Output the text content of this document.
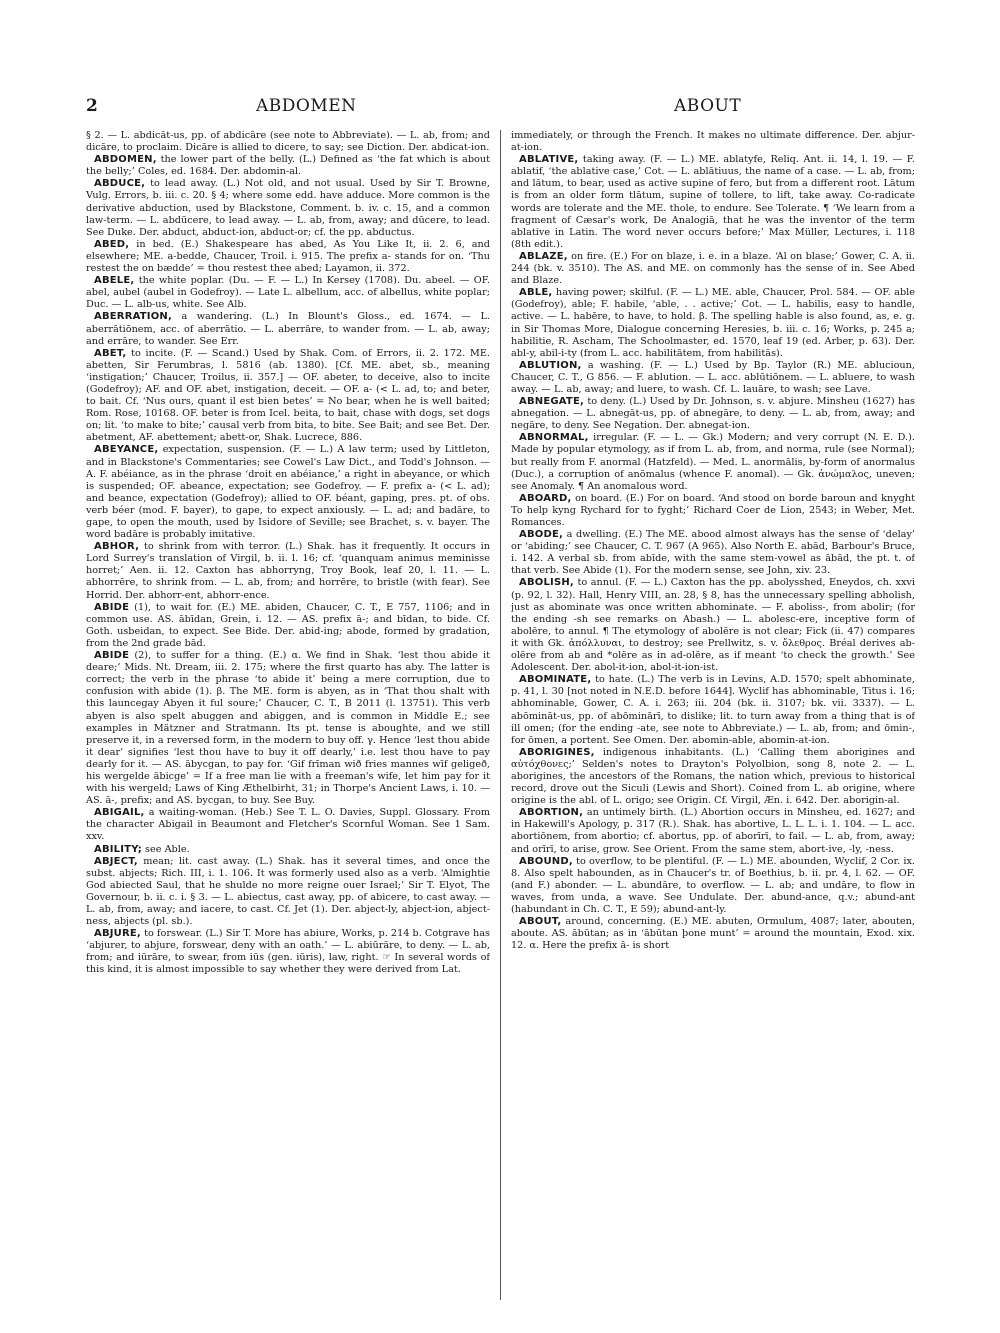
2	ABDOMEN	ABOUT

§ 2. — L. abdicāt-us, pp. of abdicāre (see note to Abbreviate). — L. ab, from; and dicāre, to proclaim. Dicāre is allied to dicere, to say; see Diction. Der. abdicat-ion.

ABDOMEN, the lower part of the belly. (L.) Defined as ‘the fat which is about the belly;’ Coles, ed. 1684. Der. abdomin-al.

ABDUCE, to lead away. (L.) Not old, and not usual. Used by Sir T. Browne, Vulg. Errors, b. iii. c. 20. § 4; where some edd. have adduce. More common is the derivative abduction, used by Blackstone, Comment. b. iv. c. 15, and a common law-term. — L. abdūcere, to lead away. — L. ab, from, away; and dūcere, to lead. See Duke. Der. abduct, abduct-ion, abduct-or; cf. the pp. abductus.

ABED, in bed. (E.) Shakespeare has abed, As You Like It, ii. 2. 6, and elsewhere; ME. a-bedde, Chaucer, Troil. i. 915. The prefix a- stands for on. ‘Thu restest the on bædde’ = thou restest thee abed; Layamon, ii. 372.

ABELE, the white poplar. (Du. — F. — L.) In Kersey (1708). Du. abeel. — OF. abel, aubel (aubel in Godefroy). — Late L. albellum, acc. of albellus, white poplar; Duc. — L. alb-us, white. See Alb.

ABERRATION, a wandering. (L.) In Blount's Gloss., ed. 1674. — L. aberrātiōnem, acc. of aberrātio. — L. aberrāre, to wander from. — L. ab, away; and errāre, to wander. See Err.

ABET, to incite. (F. — Scand.) Used by Shak. Com. of Errors, ii. 2. 172. ME. abetten, Sir Ferumbras, l. 5816 (ab. 1380). [Cf. ME. abet, sb., meaning ‘instigation;’ Chaucer, Troilus, ii. 357.] — OF. abeter, to deceive, also to incite (Godefroy); AF. and OF. abet, instigation, deceit. — OF. a- (< L. ad, to; and beter, to bait. Cf. ‘Nus ours, quant il est bien betes’ = No bear, when he is well baited; Rom. Rose, 10168. OF. beter is from Icel. beita, to bait, chase with dogs, set dogs on; lit. ‘to make to bite;’ causal verb from bita, to bite. See Bait; and see Bet. Der. abetment, AF. abettement; abett-or, Shak. Lucrece, 886.

ABEYANCE, expectation, suspension. (F. — L.) A law term; used by Littleton, and in Blackstone's Commentaries; see Cowel's Law Dict., and Todd's Johnson. — A. F. abéiance, as in the phrase ‘droit en abéiance,’ a right in abeyance, or which is suspended; OF. abeance, expectation; see Godefroy. — F. prefix a- (< L. ad); and beance, expectation (Godefroy); allied to OF. béant, gaping, pres. pt. of obs. verb béer (mod. F. bayer), to gape, to expect anxiously. — L. ad; and badāre, to gape, to open the mouth, used by Isidore of Seville; see Brachet, s. v. bayer. The word badāre is probably imitative.

ABHOR, to shrink from with terror. (L.) Shak. has it frequently. It occurs in Lord Surrey's translation of Virgil, b. ii. l. 16; cf. ‘quanquam animus meminisse horret;’ Aen. ii. 12. Caxton has abhorryng, Troy Book, leaf 20, l. 11. — L. abhorrēre, to shrink from. — L. ab, from; and horrēre, to bristle (with fear). See Horrid. Der. abhorr-ent, abhorr-ence.

ABIDE (1), to wait for. (E.) ME. abiden, Chaucer, C. T., E 757, 1106; and in common use. AS. ābīdan, Grein, i. 12. — AS. prefix ā-; and bīdan, to bide. Cf. Goth. usbeidan, to expect. See Bide. Der. abid-ing; abode, formed by gradation, from the 2nd grade bād.

ABIDE (2), to suffer for a thing. (E.) α. We find in Shak. ‘lest thou abide it deare;’ Mids. Nt. Dream, iii. 2. 175; where the first quarto has aby. The latter is correct; the verb in the phrase ‘to abide it’ being a mere corruption, due to confusion with abide (1). β. The ME. form is abyen, as in ‘That thou shalt with this launcegay Abyen it ful soure;’ Chaucer, C. T., B 2011 (l. 13751). This verb abyen is also spelt abuggen and abiggen, and is common in Middle E.; see examples in Mätzner and Stratmann. Its pt. tense is aboughte, and we still preserve it, in a reversed form, in the modern to buy off. γ. Hence ‘lest thou abide it dear’ signifies ‘lest thou have to buy it off dearly,’ i.e. lest thou have to pay dearly for it. — AS. ābycgan, to pay for. ‘Gif frīman wið fries mannes wīf geligeð, his wergelde ābicge’ = If a free man lie with a freeman's wife, let him pay for it with his wergeld; Laws of King Æthelbirht, 31; in Thorpe's Ancient Laws, i. 10. — AS. ā-, prefix; and AS. bycgan, to buy. See Buy.

ABIGAIL, a waiting-woman. (Heb.) See T. L. O. Davies, Suppl. Glossary. From the character Abigail in Beaumont and Fletcher's Scornful Woman. See 1 Sam. xxv.

ABILITY; see Able.

ABJECT, mean; lit. cast away. (L.) Shak. has it several times, and once the subst. abjects; Rich. III, i. 1. 106. It was formerly used also as a verb. ‘Almightie God abiected Saul, that he shulde no more reigne ouer Israel;’ Sir T. Elyot, The Governour, b. ii. c. i. § 3. — L. abiectus, cast away, pp. of abicere, to cast away. — L. ab, from, away; and iacere, to cast. Cf. Jet (1). Der. abject-ly, abject-ion, abject-ness, abjects (pl. sb.).

ABJURE, to forswear. (L.) Sir T. More has abiure, Works, p. 214 b. Cotgrave has ‘abjurer, to abjure, forswear, deny with an oath.’ — L. abiūrāre, to deny. — L. ab, from; and iūrāre, to swear, from iūs (gen. iūris), law, right. ☞ In several words of this kind, it is almost impossible to say whether they were derived from Lat.

immediately, or through the French. It makes no ultimate difference. Der. abjur-at-ion.

ABLATIVE, taking away. (F. — L.) ME. ablatyfe, Reliq. Ant. ii. 14, l. 19. — F. ablatif, ‘the ablative case,’ Cot. — L. ablātiuus, the name of a case. — L. ab, from; and lātum, to bear, used as active supine of fero, but from a different root. Lātum is from an older form tlātum, supine of tollere, to lift, take away. Co-radicate words are tolerate and the ME. thole, to endure. See Tolerate. ¶ ‘We learn from a fragment of Cæsar's work, De Analogiā, that he was the inventor of the term ablative in Latin. The word never occurs before;’ Max Müller, Lectures, i. 118 (8th edit.).

ABLAZE, on fire. (E.) For on blaze, i. e. in a blaze. ‘Al on blase;’ Gower, C. A. ii. 244 (bk. v. 3510). The AS. and ME. on commonly has the sense of in. See Abed and Blaze.

ABLE, having power; skilful. (F. — L.) ME. able, Chaucer, Prol. 584. — OF. able (Godefroy), able; F. habile, ‘able, . . active;’ Cot. — L. habilis, easy to handle, active. — L. habēre, to have, to hold. β. The spelling hable is also found, as, e. g. in Sir Thomas More, Dialogue concerning Heresies, b. iii. c. 16; Works, p. 245 a; habilitie, R. Ascham, The Schoolmaster, ed. 1570, leaf 19 (ed. Arber, p. 63). Der. abl-y, abil-i-ty (from L. acc. habilitātem, from habilitās).

ABLUTION, a washing. (F. — L.) Used by Bp. Taylor (R.) ME. ablucioun, Chaucer, C. T., G 856. — F. ablution. — L. acc. ablūtiōnem. — L. abluere, to wash away. — L. ab, away; and luere, to wash. Cf. L. lauāre, to wash; see Lave.

ABNEGATE, to deny. (L.) Used by Dr. Johnson, s. v. abjure. Minsheu (1627) has abnegation. — L. abnegāt-us, pp. of abnegāre, to deny. — L. ab, from, away; and negāre, to deny. See Negation. Der. abnegat-ion.

ABNORMAL, irregular. (F. — L. — Gk.) Modern; and very corrupt (N. E. D.). Made by popular etymology, as if from L. ab, from, and norma, rule (see Normal); but really from F. anormal (Hatzfeld). — Med. L. anormālis, by-form of anormalus (Duc.), a corruption of anōmalus (whence F. anomal). — Gk. ἀνώμαλος, uneven; see Anomaly. ¶ An anomalous word.

ABOARD, on board. (E.) For on board. ‘And stood on borde baroun and knyght To help kyng Rychard for to fyght;’ Richard Coer de Lion, 2543; in Weber, Met. Romances.

ABODE, a dwelling. (E.) The ME. abood almost always has the sense of ‘delay’ or ‘abiding;’ see Chaucer, C. T. 967 (A 965). Also North E. abād, Barbour's Bruce, i. 142. A verbal sb. from abīde, with the same stem-vowel as ābād, the pt. t. of that verb. See Abide (1). For the modern sense, see John, xiv. 23.

ABOLISH, to annul. (F. — L.) Caxton has the pp. abolysshed, Eneydos, ch. xxvi (p. 92, l. 32). Hall, Henry VIII, an. 28, § 8, has the unnecessary spelling abholish, just as abominate was once written abhominate. — F. aboliss-, from abolir; (for the ending -sh see remarks on Abash.) — L. abolesc-ere, inceptive form of abolēre, to annul. ¶ The etymology of abolēre is not clear; Fick (ii. 47) compares it with Gk. ἀπόλλυναι, to destroy; see Prellwitz, s. v. ὄλεθρος. Bréal derives ab-olēre from ab and *olēre as in ad-olēre, as if meant ‘to check the growth.’ See Adolescent. Der. abol-it-ion, abol-it-ion-ist.

ABOMINATE, to hate. (L.) The verb is in Levins, A.D. 1570; spelt abhominate, p. 41, l. 30 [not noted in N.E.D. before 1644]. Wyclif has abhominable, Titus i. 16; abhominable, Gower, C. A. i. 263; iii. 204 (bk. ii. 3107; bk. vii. 3337). — L. abōmināt-us, pp. of abōminārī, to dislike; lit. to turn away from a thing that is of ill omen; (for the ending -ate, see note to Abbreviate.) — L. ab, from; and ōmin-, for ōmen, a portent. See Omen. Der. abomin-able, abomin-at-ion.

ABORIGINES, indigenous inhabitants. (L.) ‘Calling them aborigines and αὐτόχθονες;’ Selden's notes to Drayton's Polyolbion, song 8, note 2. — L. aborigines, the ancestors of the Romans, the nation which, previous to historical record, drove out the Siculi (Lewis and Short). Coined from L. ab origine, where origine is the abl. of L. origo; see Origin. Cf. Virgil, Æn. i. 642. Der. aborigin-al.

ABORTION, an untimely birth. (L.) Abortion occurs in Minsheu, ed. 1627; and in Hakewill's Apology, p. 317 (R.). Shak. has abortive, L. L. L. i. 1. 104. — L. acc. abortiōnem, from abortio; cf. abortus, pp. of aborīrī, to fail. — L. ab, from, away; and orīrī, to arise, grow. See Orient. From the same stem, abort-ive, -ly, -ness.

ABOUND, to overflow, to be plentiful. (F. — L.) ME. abounden, Wyclif, 2 Cor. ix. 8. Also spelt habounden, as in Chaucer's tr. of Boethius, b. ii. pr. 4, l. 62. — OF. (and F.) abonder. — L. abundāre, to overflow. — L. ab; and undāre, to flow in waves, from unda, a wave. See Undulate. Der. abund-ance, q.v.; abund-ant (habundant in Ch. C. T., E 59); abund-ant-ly.

ABOUT, around, concerning. (E.) ME. abuten, Ormulum, 4087; later, abouten, aboute. AS. ābūtan; as in ‘ābūtan þone munt’ = around the mountain, Exod. xix. 12. α. Here the prefix ā- is short
